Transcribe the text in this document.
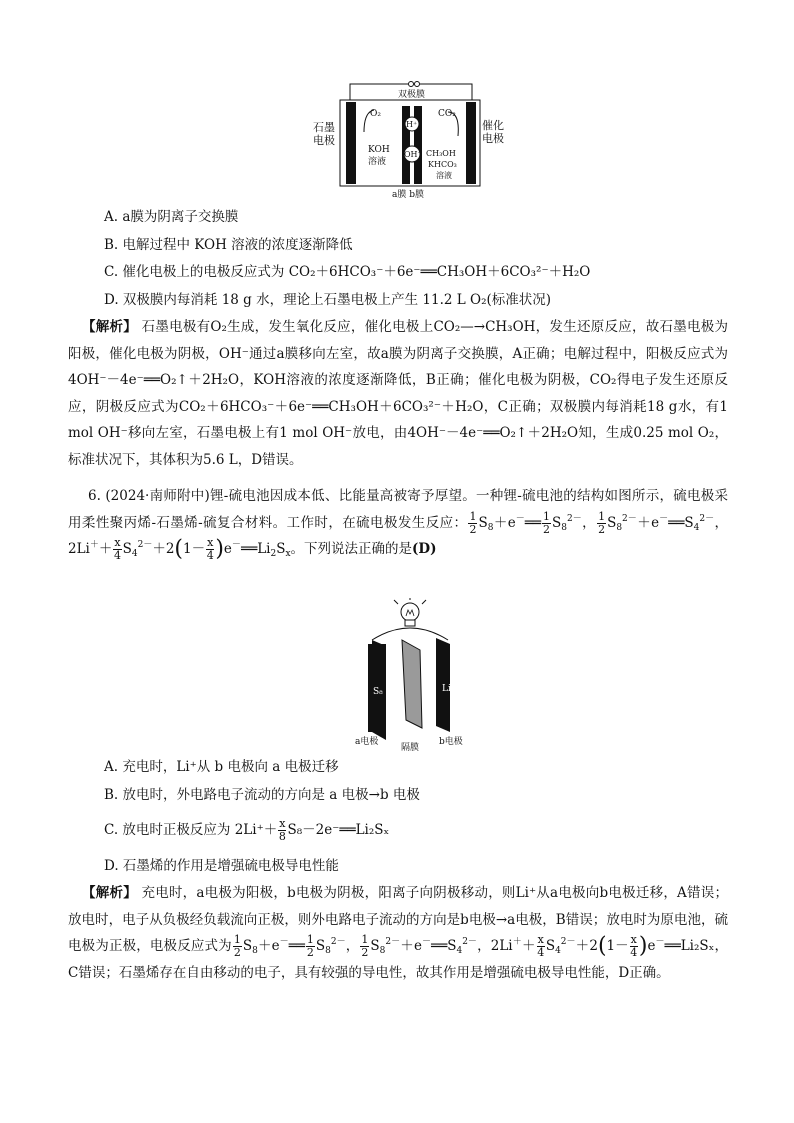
双极膜
O₂	CO₂
KOH
溶液
H⁺
OH⁻ CH₃OH
KHCO₃
溶液
a膜 b膜
石墨
电极
催化
电极
A. a膜为阴离子交换膜
B. 电解过程中 KOH 溶液的浓度逐渐降低
C. 催化电极上的电极反应式为 CO₂＋6HCO₃⁻＋6e⁻══CH₃OH＋6CO₃²⁻＋H₂O
D. 双极膜内每消耗 18 g 水，理论上石墨电极上产生 11.2 L O₂(标准状况)
【解析】 石墨电极有O₂生成，发生氧化反应，催化电极上CO₂—→CH₃OH，发生还原反应，故石墨电极为阳极，催化电极为阴极，OH⁻通过a膜移向左室，故a膜为阴离子交换膜，A正确；电解过程中，阳极反应式为4OH⁻－4e⁻══O₂↑＋2H₂O，KOH溶液的浓度逐渐降低，B正确；催化电极为阴极，CO₂得电子发生还原反应，阴极反应式为CO₂＋6HCO₃⁻＋6e⁻══CH₃OH＋6CO₃²⁻＋H₂O，C正确；双极膜内每消耗18 g水，有1 mol OH⁻移向左室，石墨电极上有1 mol OH⁻放电，由4OH⁻－4e⁻══O₂↑＋2H₂O知，生成0.25 mol O₂，标准状况下，其体积为5.6 L，D错误。
6. (2024·南师附中)锂-硫电池因成本低、比能量高被寄予厚望。一种锂-硫电池的结构如图所示，硫电极采用柔性聚丙烯-石墨烯-硫复合材料。工作时，在硫电极发生反应： $\frac{1}{2}$ $S_8+e^-══ \frac{1}{2} S_8^{2-}$， $\frac{1}{2}$ $S_8^{2-}+e^-══S_4^{2-}$，$2Li^++ \frac{x}{4} S_4^{2-}+2(1- \frac{x}{4}$ )$e^-══Li_2S_x$。下列说法正确的是(D)
S₈	Li
a电极
隔膜
b电极
A. 充电时，Li⁺从 b 电极向 a 电极迁移
B. 放电时，外电路电子流动的方向是 a 电极→b 电极
C. 放电时正极反应为 $2Li^++ \frac{x}{8}$ S₈－2e⁻══Li₂Sₓ
D. 石墨烯的作用是增强硫电极导电性能
【解析】 充电时，a电极为阳极，b电极为阴极，阳离子向阴极移动，则Li⁺从a电极向b电极迁移，A错误；放电时，电子从负极经负载流向正极，则外电路电子流动的方向是b电极→a电极，B错误；放电时为原电池，硫电极为正极，电极反应式为 $\frac{1}{2}$ $S_8+e^-══ \frac{1}{2} S_8^{2-}$， $\frac{1}{2}$ $S_8^{2-}+e^-══S_4^{2-}$，$2Li^++ \frac{x}{4} S_4^{2-}+2(1- \frac{x}{4}$ )e－══Li₂Sₓ，C错误；石墨烯存在自由移动的电子，具有较强的导电性，故其作用是增强硫电极导电性能，D正确。
